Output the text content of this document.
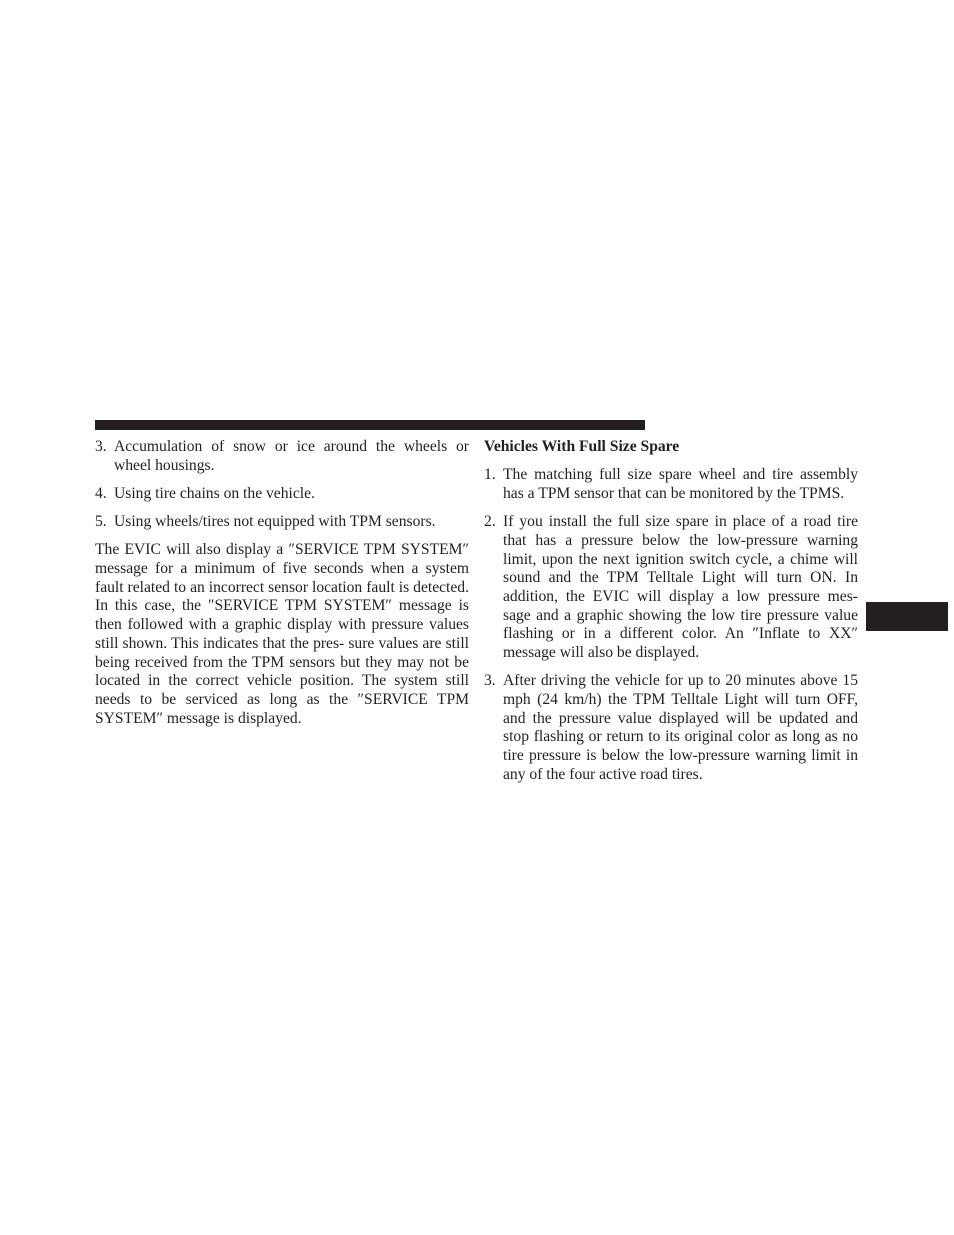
3. Accumulation of snow or ice around the wheels or wheel housings.
4. Using tire chains on the vehicle.
5. Using wheels/tires not equipped with TPM sensors.

The EVIC will also display a ″SERVICE TPM SYSTEM″ message for a minimum of five seconds when a system fault related to an incorrect sensor location fault is detected. In this case, the ″SERVICE TPM SYSTEM″ message is then followed with a graphic display with pressure values still shown. This indicates that the pres- sure values are still being received from the TPM sensors but they may not be located in the correct vehicle position. The system still needs to be serviced as long as the ″SERVICE TPM SYSTEM″ message is displayed.

Vehicles With Full Size Spare
1. The matching full size spare wheel and tire assembly has a TPM sensor that can be monitored by the TPMS.
2. If you install the full size spare in place of a road tire that has a pressure below the low-pressure warning limit, upon the next ignition switch cycle, a chime will sound and the TPM Telltale Light will turn ON. In addition, the EVIC will display a low pressure mes- sage and a graphic showing the low tire pressure value flashing or in a different color. An ″Inflate to XX″ message will also be displayed.
3. After driving the vehicle for up to 20 minutes above 15 mph (24 km/h) the TPM Telltale Light will turn OFF, and the pressure value displayed will be updated and stop flashing or return to its original color as long as no tire pressure is below the low-pressure warning limit in any of the four active road tires.
